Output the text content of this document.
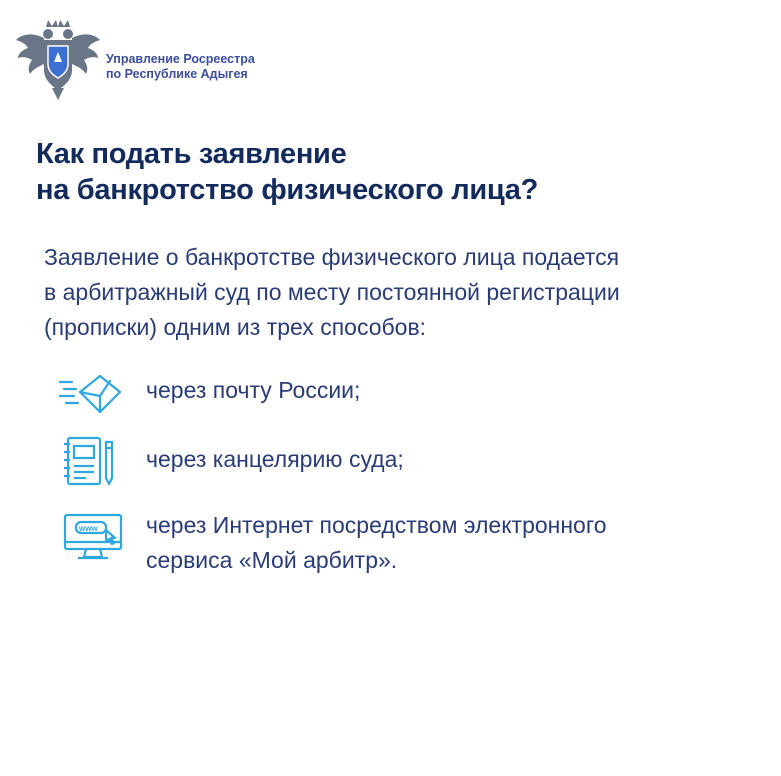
Управление Росреестра
по Республике Адыгея
Как подать заявление
на банкротство физического лица?
Заявление о банкротстве физического лица подается
в арбитражный суд по месту постоянной регистрации
(прописки) одним из трех способов:
через почту России;
через канцелярию суда;
www через Интернет посредством электронного
сервиса «Мой арбитр».
